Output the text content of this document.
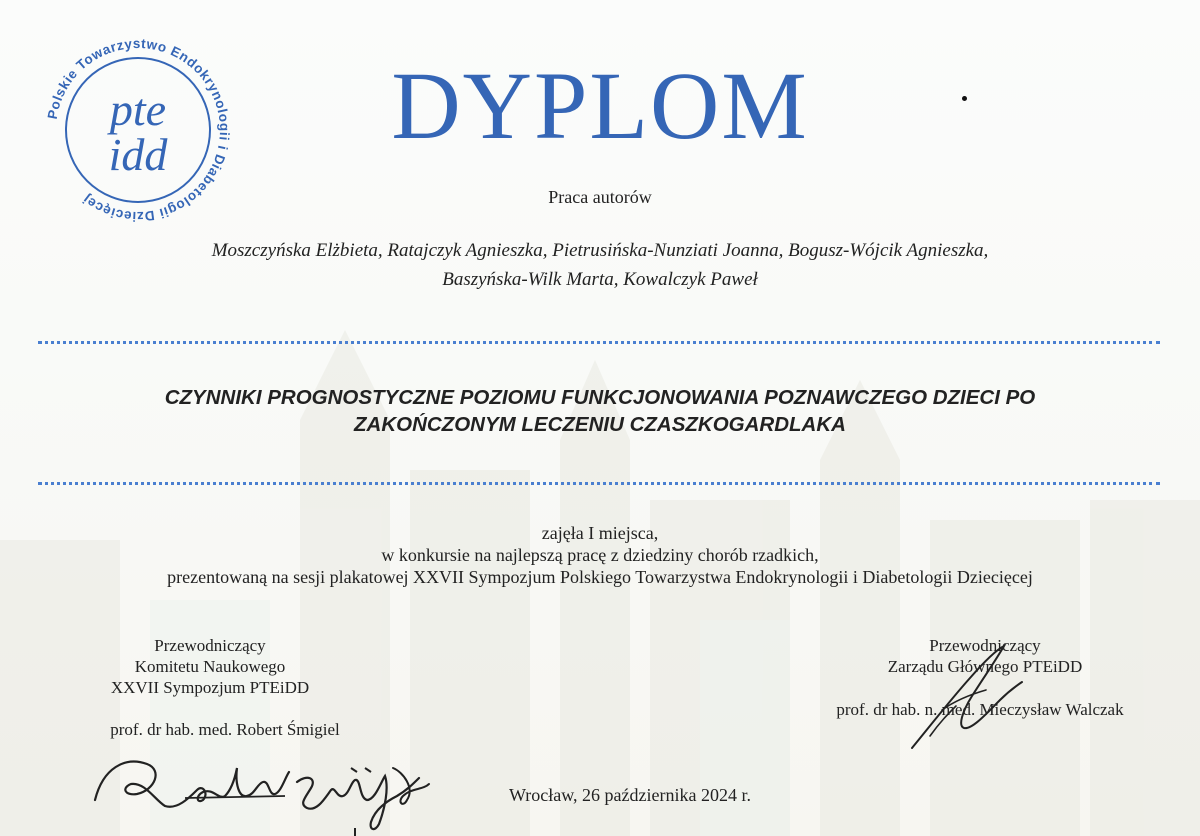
Polskie Towarzystwo Endokrynologii i Diabetologii Dziecięcej
pte
idd	DYPLOM
Praca autorów
Moszczyńska Elżbieta, Ratajczyk Agnieszka, Pietrusińska-Nunziati Joanna, Bogusz-Wójcik Agnieszka,
Baszyńska-Wilk Marta, Kowalczyk Paweł
CZYNNIKI PROGNOSTYCZNE POZIOMU FUNKCJONOWANIA POZNAWCZEGO DZIECI PO
ZAKOŃCZONYM LECZENIU CZASZKOGARDLAKA
zajęła I miejsca,
w konkursie na najlepszą pracę z dziedziny chorób rzadkich,
prezentowaną na sesji plakatowej XXVII Sympozjum Polskiego Towarzystwa Endokrynologii i Diabetologii Dziecięcej
Przewodniczący
Komitetu Naukowego
XXVII Sympozjum PTEiDD
prof. dr hab. med. Robert Śmigiel
Przewodniczący
Zarządu Głównego PTEiDD
prof. dr hab. n. med. Mieczysław Walczak
Wrocław, 26 października 2024 r.
